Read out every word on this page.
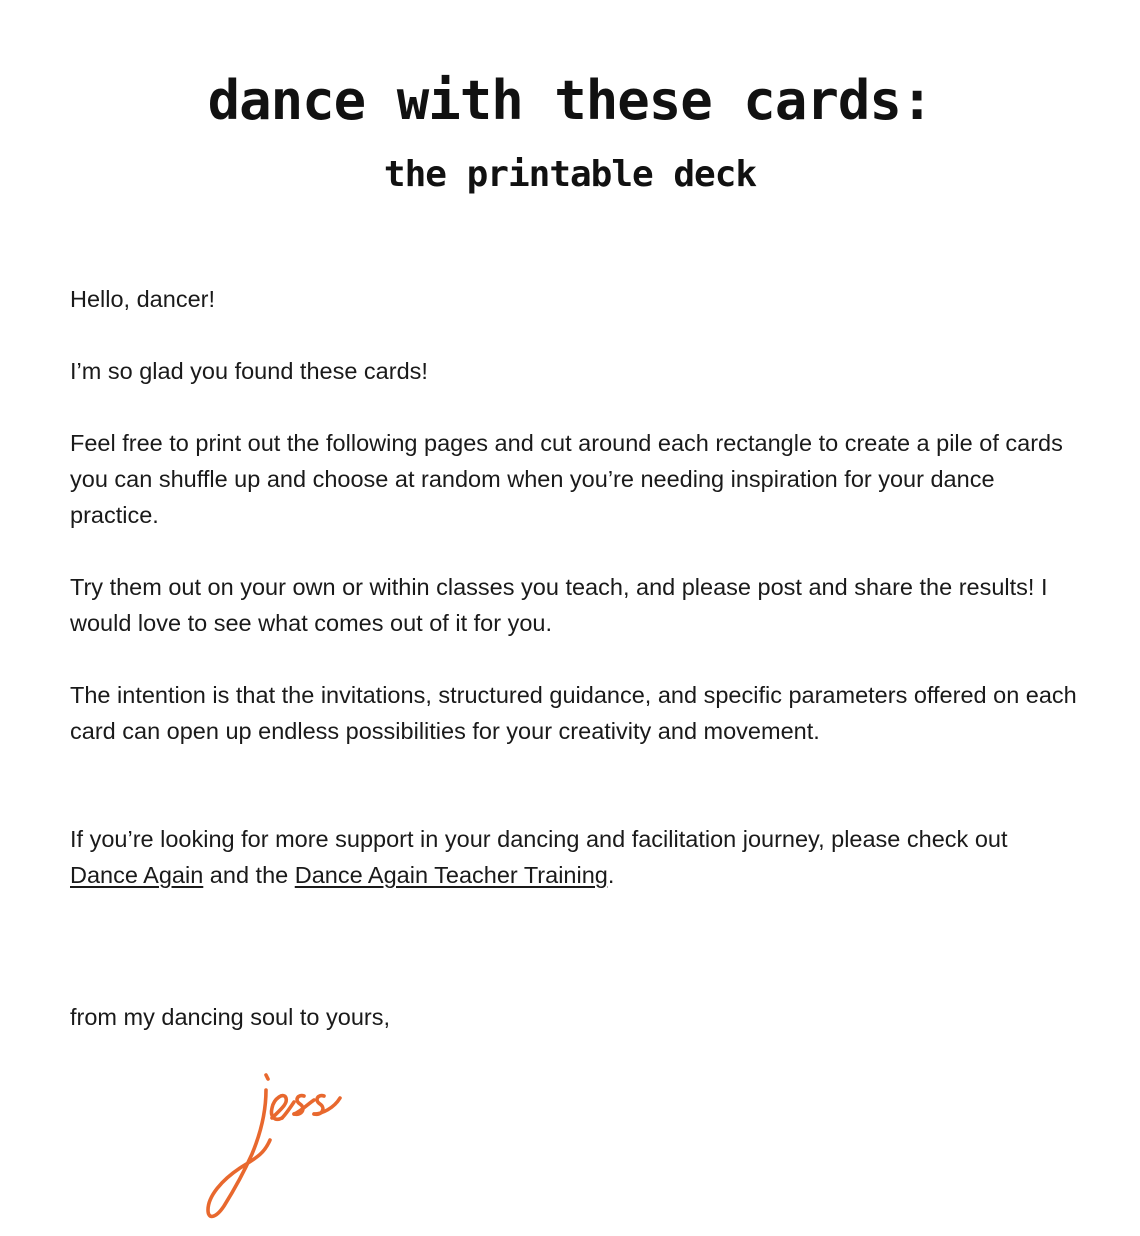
dance with these cards:
the printable deck

Hello, dancer!

I’m so glad you found these cards!

Feel free to print out the following pages and cut around each rectangle to create a pile of cards you can shuffle up and choose at random when you’re needing inspiration for your dance practice.

Try them out on your own or within classes you teach, and please post and share the results! I would love to see what comes out of it for you.

The intention is that the invitations, structured guidance, and specific parameters offered on each card can open up endless possibilities for your creativity and movement.

If you’re looking for more support in your dancing and facilitation journey, please check out Dance Again and the Dance Again Teacher Training.

from my dancing soul to yours,
